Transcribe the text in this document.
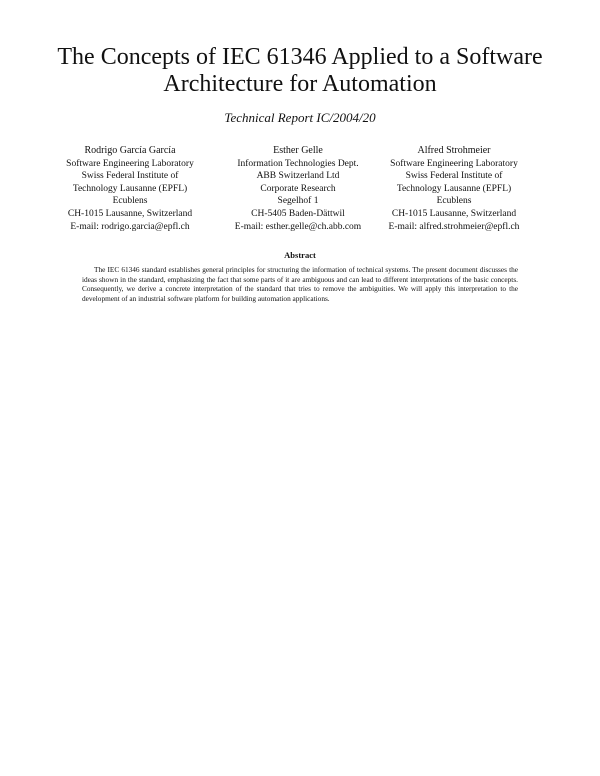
The Concepts of IEC 61346 Applied to a Software
Architecture for Automation

Technical Report IC/2004/20

Rodrigo García García
Software Engineering Laboratory
Swiss Federal Institute of
Technology Lausanne (EPFL)
Ecublens
CH-1015 Lausanne, Switzerland
E-mail: rodrigo.garcia@epfl.ch
Esther Gelle
Information Technologies Dept.
ABB Switzerland Ltd
Corporate Research
Segelhof 1
CH-5405 Baden-Dättwil
E-mail: esther.gelle@ch.abb.com
Alfred Strohmeier
Software Engineering Laboratory
Swiss Federal Institute of
Technology Lausanne (EPFL)
Ecublens
CH-1015 Lausanne, Switzerland
E-mail: alfred.strohmeier@epfl.ch
Abstract

The IEC 61346 standard establishes general principles for structuring the information of technical systems. The present document discusses the ideas shown in the standard, emphasizing the fact that some parts of it are ambiguous and can lead to different interpretations of the basic concepts. Consequently, we derive a concrete interpretation of the standard that tries to remove the ambiguities. We will apply this interpretation to the development of an industrial software platform for building automation applications.
